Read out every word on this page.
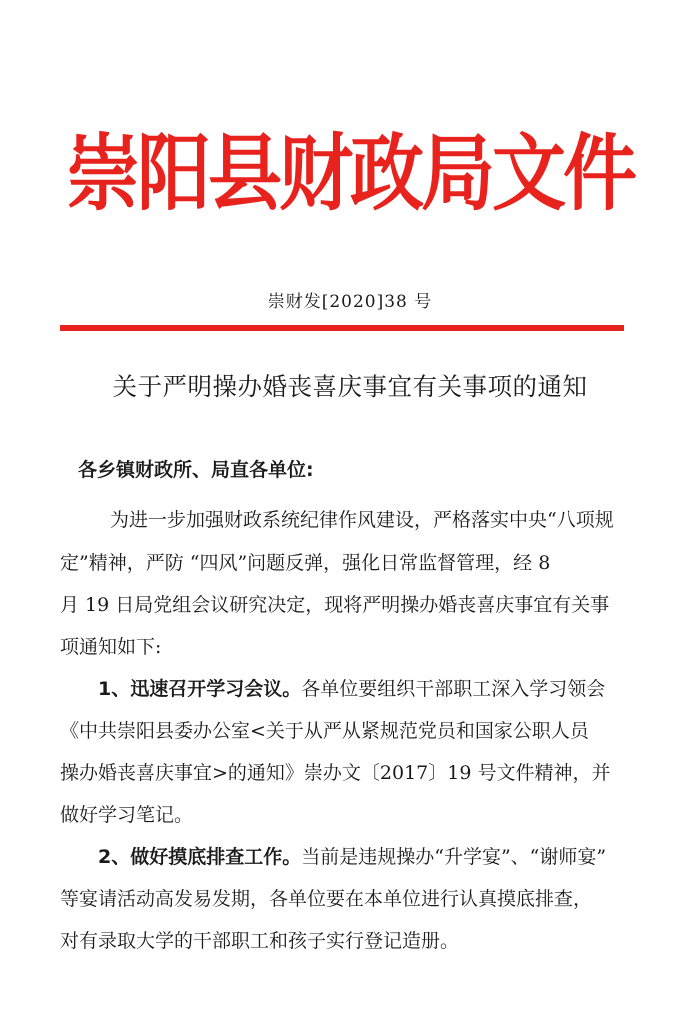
崇阳县财政局文件
崇财发[2020]38 号
关于严明操办婚丧喜庆事宜有关事项的通知
各乡镇财政所、局直各单位:
为进一步加强财政系统纪律作风建设，严格落实中央“八项规
定”精神，严防 “四风”问题反弹，强化日常监督管理，经 8
月 19 日局党组会议研究决定，现将严明操办婚丧喜庆事宜有关事
项通知如下:
1、迅速召开学习会议。各单位要组织干部职工深入学习领会
《中共崇阳县委办公室<关于从严从紧规范党员和国家公职人员
操办婚丧喜庆事宜>的通知》崇办文〔2017〕19 号文件精神，并
做好学习笔记。
2、做好摸底排查工作。当前是违规操办“升学宴”、“谢师宴”
等宴请活动高发易发期，各单位要在本单位进行认真摸底排查，
对有录取大学的干部职工和孩子实行登记造册。
